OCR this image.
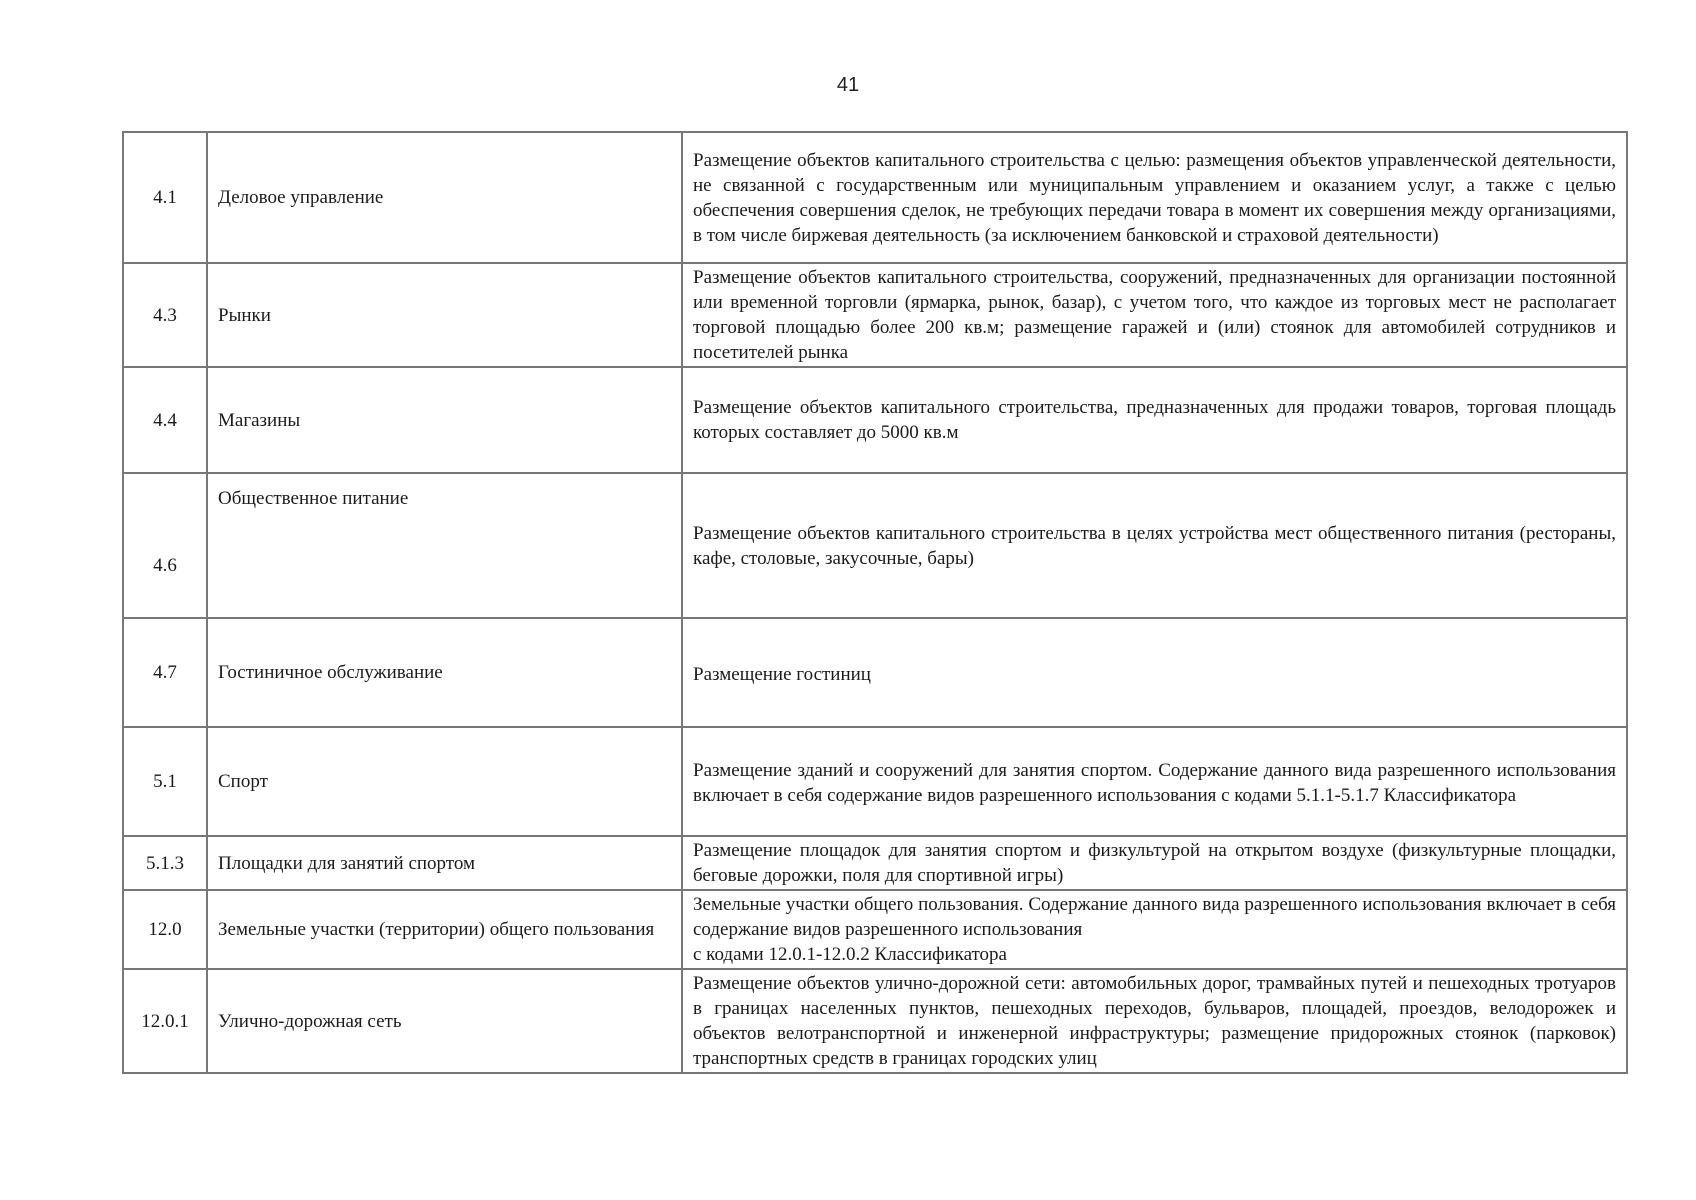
41
4.1	Деловое управление	Размещение объектов капитального строительства с целью: размещения объектов управленческой деятельности, не связанной с государственным или муниципальным управлением и оказанием услуг, а также с целью обеспечения совершения сделок, не требующих передачи товара в момент их совершения между организациями, в том числе биржевая деятельность (за исключением банковской и страховой деятельности)
4.3	Рынки	Размещение объектов капитального строительства, сооружений, предназначенных для организации постоянной или временной торговли (ярмарка, рынок, базар), с учетом того, что каждое из торговых мест не располагает торговой площадью более 200 кв.м; размещение гаражей и (или) стоянок для автомобилей сотрудников и посетителей рынка
4.4	Магазины	Размещение объектов капитального строительства, предназначенных для продажи товаров, торговая площадь которых составляет до 5000 кв.м
4.6	Общественное питание	Размещение объектов капитального строительства в целях устройства мест общественного питания (рестораны, кафе, столовые, закусочные, бары)
4.7	Гостиничное обслуживание	Размещение гостиниц
5.1	Спорт	Размещение зданий и сооружений для занятия спортом. Содержание данного вида разрешенного использования включает в себя содержание видов разрешенного использования с кодами 5.1.1-5.1.7 Классификатора
5.1.3	Площадки для занятий спортом	Размещение площадок для занятия спортом и физкультурой на открытом воздухе (физкультурные площадки, беговые дорожки, поля для спортивной игры)
12.0	Земельные участки (территории) общего пользования	Земельные участки общего пользования. Содержание данного вида разрешенного использования включает в себя содержание видов разрешенного использования
с кодами 12.0.1-12.0.2 Классификатора

12.0.1	Улично-дорожная сеть	Размещение объектов улично-дорожной сети: автомобильных дорог, трамвайных путей и пешеходных тротуаров в границах населенных пунктов, пешеходных переходов, бульваров, площадей, проездов, велодорожек и объектов велотранспортной и инженерной инфраструктуры; размещение придорожных стоянок (парковок) транспортных средств в границах городских улиц
